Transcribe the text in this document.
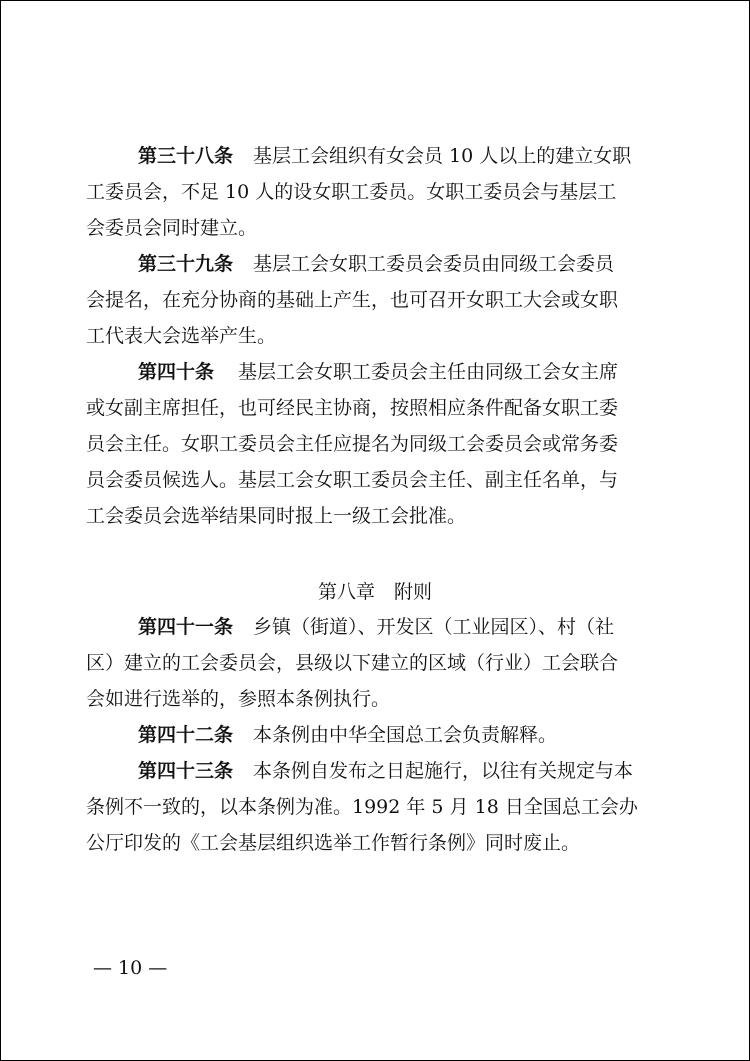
第三十八条 基层工会组织有女会员 10 人以上的建立女职
工委员会，不足 10 人的设女职工委员。女职工委员会与基层工
会委员会同时建立。
第三十九条 基层工会女职工委员会委员由同级工会委员
会提名，在充分协商的基础上产生，也可召开女职工大会或女职
工代表大会选举产生。
第四十条 基层工会女职工委员会主任由同级工会女主席
或女副主席担任，也可经民主协商，按照相应条件配备女职工委
员会主任。女职工委员会主任应提名为同级工会委员会或常务委
员会委员候选人。基层工会女职工委员会主任、副主任名单，与
工会委员会选举结果同时报上一级工会批准。
第八章　附则
第四十一条 乡镇（街道）、开发区（工业园区）、村（社
区）建立的工会委员会，县级以下建立的区域（行业）工会联合
会如进行选举的，参照本条例执行。
第四十二条 本条例由中华全国总工会负责解释。
第四十三条 本条例自发布之日起施行，以往有关规定与本
条例不一致的，以本条例为准。1992 年 5 月 18 日全国总工会办
公厅印发的《工会基层组织选举工作暂行条例》同时废止。
— 10 —
